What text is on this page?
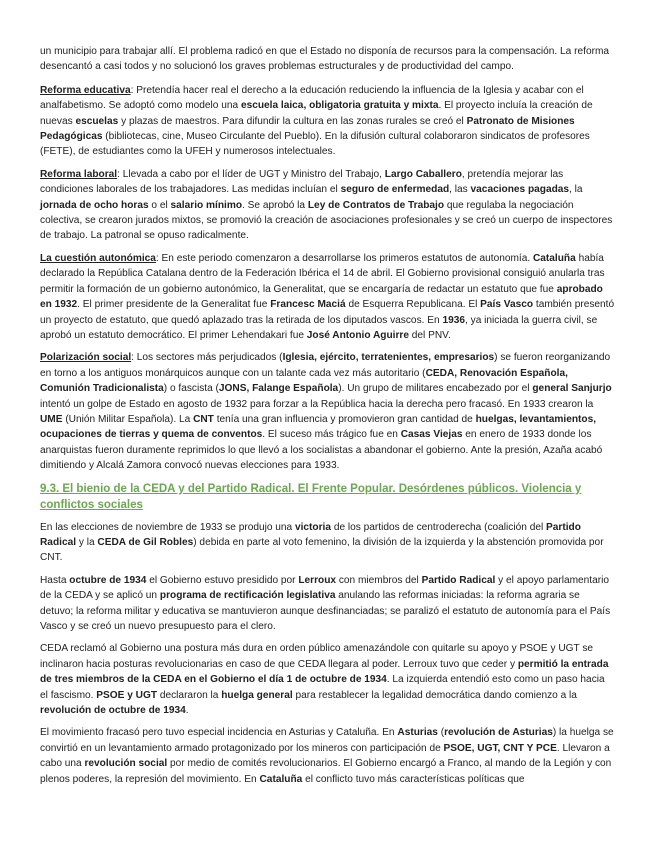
un municipio para trabajar allí. El problema radicó en que el Estado no disponía de recursos para la compensación. La reforma desencantó a casi todos y no solucionó los graves problemas estructurales y de productividad del campo.

Reforma educativa: Pretendía hacer real el derecho a la educación reduciendo la influencia de la Iglesia y acabar con el analfabetismo. Se adoptó como modelo una escuela laica, obligatoria gratuita y mixta. El proyecto incluía la creación de nuevas escuelas y plazas de maestros. Para difundir la cultura en las zonas rurales se creó el Patronato de Misiones Pedagógicas (bibliotecas, cine, Museo Circulante del Pueblo). En la difusión cultural colaboraron sindicatos de profesores (FETE), de estudiantes como la UFEH y numerosos intelectuales.

Reforma laboral: Llevada a cabo por el líder de UGT y Ministro del Trabajo, Largo Caballero, pretendía mejorar las condiciones laborales de los trabajadores. Las medidas incluían el seguro de enfermedad, las vacaciones pagadas, la jornada de ocho horas o el salario mínimo. Se aprobó la Ley de Contratos de Trabajo que regulaba la negociación colectiva, se crearon jurados mixtos, se promovió la creación de asociaciones profesionales y se creó un cuerpo de inspectores de trabajo. La patronal se opuso radicalmente.

La cuestión autonómica: En este periodo comenzaron a desarrollarse los primeros estatutos de autonomía. Cataluña había declarado la República Catalana dentro de la Federación Ibérica el 14 de abril. El Gobierno provisional consiguió anularla tras permitir la formación de un gobierno autonómico, la Generalitat, que se encargaría de redactar un estatuto que fue aprobado en 1932. El primer presidente de la Generalitat fue Francesc Maciá de Esquerra Republicana. El País Vasco también presentó un proyecto de estatuto, que quedó aplazado tras la retirada de los diputados vascos. En 1936, ya iniciada la guerra civil, se aprobó un estatuto democrático. El primer Lehendakari fue José Antonio Aguirre del PNV.

Polarización social: Los sectores más perjudicados (Iglesia, ejército, terratenientes, empresarios) se fueron reorganizando en torno a los antiguos monárquicos aunque con un talante cada vez más autoritario (CEDA, Renovación Española, Comunión Tradicionalista) o fascista (JONS, Falange Española). Un grupo de militares encabezado por el general Sanjurjo intentó un golpe de Estado en agosto de 1932 para forzar a la República hacia la derecha pero fracasó. En 1933 crearon la UME (Unión Militar Española). La CNT tenía una gran influencia y promovieron gran cantidad de huelgas, levantamientos, ocupaciones de tierras y quema de conventos. El suceso más trágico fue en Casas Viejas en enero de 1933 donde los anarquistas fueron duramente reprimidos lo que llevó a los socialistas a abandonar el gobierno. Ante la presión, Azaña acabó dimitiendo y Alcalá Zamora convocó nuevas elecciones para 1933.

9.3. El bienio de la CEDA y del Partido Radical. El Frente Popular. Desórdenes públicos. Violencia y conflictos sociales

En las elecciones de noviembre de 1933 se produjo una victoria de los partidos de centroderecha (coalición del Partido Radical y la CEDA de Gil Robles) debida en parte al voto femenino, la división de la izquierda y la abstención promovida por CNT.

Hasta octubre de 1934 el Gobierno estuvo presidido por Lerroux con miembros del Partido Radical y el apoyo parlamentario de la CEDA y se aplicó un programa de rectificación legislativa anulando las reformas iniciadas: la reforma agraria se detuvo; la reforma militar y educativa se mantuvieron aunque desfinanciadas; se paralizó el estatuto de autonomía para el País Vasco y se creó un nuevo presupuesto para el clero.

CEDA reclamó al Gobierno una postura más dura en orden público amenazándole con quitarle su apoyo y PSOE y UGT se inclinaron hacia posturas revolucionarias en caso de que CEDA llegara al poder. Lerroux tuvo que ceder y permitió la entrada de tres miembros de la CEDA en el Gobierno el día 1 de octubre de 1934. La izquierda entendió esto como un paso hacia el fascismo. PSOE y UGT declararon la huelga general para restablecer la legalidad democrática dando comienzo a la revolución de octubre de 1934.

El movimiento fracasó pero tuvo especial incidencia en Asturias y Cataluña. En Asturias (revolución de Asturias) la huelga se convirtió en un levantamiento armado protagonizado por los mineros con participación de PSOE, UGT, CNT Y PCE. Llevaron a cabo una revolución social por medio de comités revolucionarios. El Gobierno encargó a Franco, al mando de la Legión y con plenos poderes, la represión del movimiento. En Cataluña el conflicto tuvo más características políticas que
